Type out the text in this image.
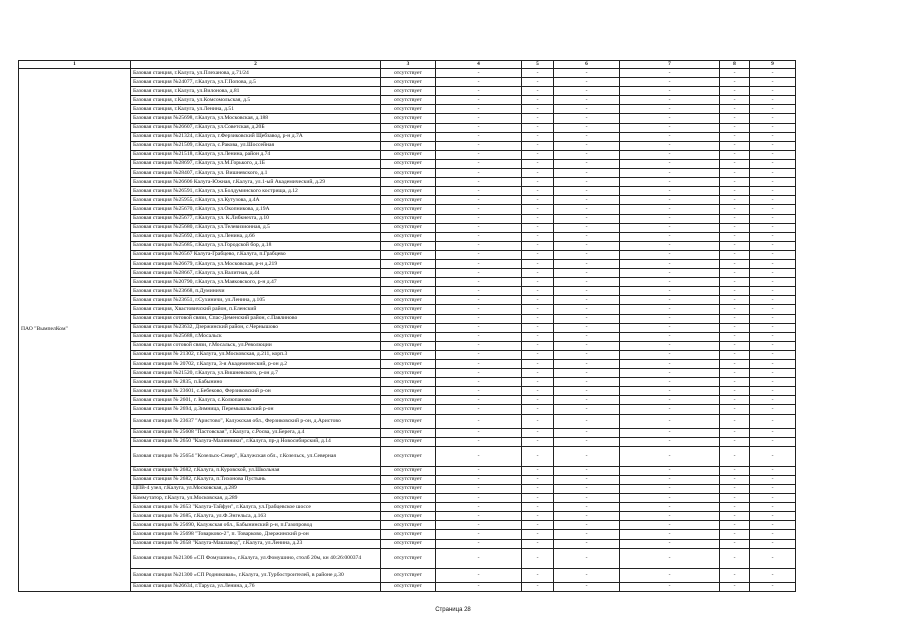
1	2	3	4	5	6	7	8	9
ПАО "ВымпелКом"	Базовая станция, г.Калуга, ул.Плеханова, д.71/24	отсутствует	-	-	-	-	-	-
	Базовая станция №24077, г.Калуга, ул.Г.Попова, д.5	отсутствует	-	-	-	-	-	-
	Базовая станция, г.Калуга, ул.Вилонова, д.81	отсутствует	-	-	-	-	-	-
	Базовая станция, г.Калуга, ул.Комсомольская, д.5	отсутствует	-	-	-	-	-	-
	Базовая станция, г.Калуга, ул.Ленина, д.51	отсутствует	-	-	-	-	-	-
	Базовая станция №25698, г.Калуга, ул.Московская, д.188	отсутствует	-	-	-	-	-	-
	Базовая станция №26607, г.Калуга, ул.Советская, д.20Б	отсутствует	-	-	-	-	-	-
	Базовая станция №21324, г.Калуга, г.Ферзиковский Щебзавод, р-н д.7А	отсутствует	-	-	-	-	-	-
	Базовая станция №21509, г.Калуга, с.Ракова, ул.Шоссейная	отсутствует	-	-	-	-	-	-
	Базовая станция №21518, г.Калуга, ул.Ленина, район д.74	отсутствует	-	-	-	-	-	-
	Базовая станция №28697, г.Калуга, ул.М.Горького, д.1Б	отсутствует	-	-	-	-	-	-
	Базовая станция №28407, г.Калуга, ул. Вишневского, д.1	отсутствует	-	-	-	-	-	-
	Базовая станция №26606 Калуга-Южная, г.Калуга, ул.1-ый Академический, д.29	отсутствует	-	-	-	-	-	-
	Базовая станция №26591, г.Калуга, ул.Болдуминского кострища, д.12	отсутствует	-	-	-	-	-	-
	Базовая станция №25955, г.Калуга, ул.Кутузова, д.4А	отсутствует	-	-	-	-	-	-
	Базовая станция №25670, г.Калуга, ул.Окопникова, д.19А	отсутствует	-	-	-	-	-	-
	Базовая станция №25677, г.Калуга, ул. К.Либкнехта, д.10	отсутствует	-	-	-	-	-	-
	Базовая станция №25680, г.Калуга, ул.Телевизионная, д.5	отсутствует	-	-	-	-	-	-
	Базовая станция №25692, г.Калуга, ул.Ленина, д.66	отсутствует	-	-	-	-	-	-
	Базовая станция №25685, г.Калуга, ул.Городской бор, д.18	отсутствует	-	-	-	-	-	-
	Базовая станция №26567 Калуга-Грабцево, г.Калуга, п.Грабцево	отсутствует	-	-	-	-	-	-
	Базовая станция №26679, г.Калуга, ул.Московская, р-н д.219	отсутствует	-	-	-	-	-	-
	Базовая станция №28667, г.Калуга, ул.Валитная, д.44	отсутствует	-	-	-	-	-	-
	Базовая станция №20790, г.Калуга, ул.Маяковского, р-н д.47	отсутствует	-	-	-	-	-	-
	Базовая станция №23668, п.Думиничи	отсутствует	-	-	-	-	-	-
	Базовая станция №23651, г.Сухиничи, ул.Ленина, д.105	отсутствует	-	-	-	-	-	-
	Базовая станция, Хвастовичский район, п.Еленский	отсутствует	-	-	-	-	-	-
	Базовая станция сотовой связи, Спас-Деменский район, с.Павлиново	отсутствует	-	-	-	-	-	-
	Базовая станция №23632, Дзержинский район, с.Чернышово	отсутствует	-	-	-	-	-	-
	Базовая станция №25688, г.Мосальск	отсутствует	-	-	-	-	-	-
	Базовая станция сотовой связи, г.Мосальск, ул.Революции	отсутствует	-	-	-	-	-	-
	Базовая станция № 21302, г.Калуга, ул.Московская, д.211, корп.3	отсутствует	-	-	-	-	-	-
	Базовая станция № 20702, г.Калуга, 3-я Академический, р-он д.2	отсутствует	-	-	-	-	-	-
	Базовая станция №21520, г.Калуга, ул.Вишневского, р-он д.7	отсутствует	-	-	-	-	-	-
	Базовая станция № 2835, п.Бабынино	отсутствует	-	-	-	-	-	-
	Базовая станция № 23601, с.Бебеково, Ферзиковский р-он	отсутствует	-	-	-	-	-	-
	Базовая станция № 2601, г. Калуга, с.Колюпаново	отсутствует	-	-	-	-	-	-
	Базовая станция № 2694, д.Зимница, Перемышльский р-он	отсутствует	-	-	-	-	-	-
	Базовая станция № 23637 "Аристово", Калужская обл., Ферзиковский р-он, д.Аристово	отсутствует	-	-	-	-	-	-
	Базовая станция № 25608 "Пастовская", г.Калуга, с.Росва, ул.Берега, д.4	отсутствует	-	-	-	-	-	-
	Базовая станция № 2650 "Калуга-Малинники", г.Калуга, пр-д Новосибирский, д.14	отсутствует	-	-	-	-	-	-
	Базовая станция № 25654 "Козельск-Север", Калужская обл., г.Козельск, ул.Северная	отсутствует	-	-	-	-	-	-
	Базовая станция № 2682, г.Калуга, п.Куровской, ул.Школьная	отсутствует	-	-	-	-	-	-
	Базовая станция № 2682, г.Калуга, п.Тихонова Пустынь	отсутствует	-	-	-	-	-	-
	ЦПВ-4 узел, г.Калуга, ул.Московская, д.289	отсутствует	-	-	-	-	-	-
	Коммутатор, г.Калуга, ул.Московская, д.289	отсутствует	-	-	-	-	-	-
	Базовая станция № 2653 "Калуга-Тайфун", г.Калуга, ул.Грабцевское шоссе	отсутствует	-	-	-	-	-	-
	Базовая станция № 2685, г.Калуга, ул.Ф.Энгельса, д.163	отсутствует	-	-	-	-	-	-
	Базовая станция № 25690, Калужская обл., Бабынинский р-н, п.Газопровод	отсутствует	-	-	-	-	-	-
	Базовая станция № 25698 "Товарково-2", п. Товарково, Дзержинский р-он	отсутствует	-	-	-	-	-	-
	Базовая станция № 2658 "Калуга-Машзавод", г.Калуга, ул.Ленина, д.23	отсутствует	-	-	-	-	-	-
	Базовая станция №21306 «СП Фомушино», г.Калуга, ул.Фомушино, столб 20м, кн 40:26:000374	отсутствует	-	-	-	-	-	-
	Базовая станция №21300 «СП Родниковая», г.Калуга, ул.Турбостроителей, в районе д.30	отсутствует	-	-	-	-	-	-
	Базовая станция №26634, г.Таруса, ул.Ленина, д.76	отсутствует	-	-	-	-	-	-
Страница 28
